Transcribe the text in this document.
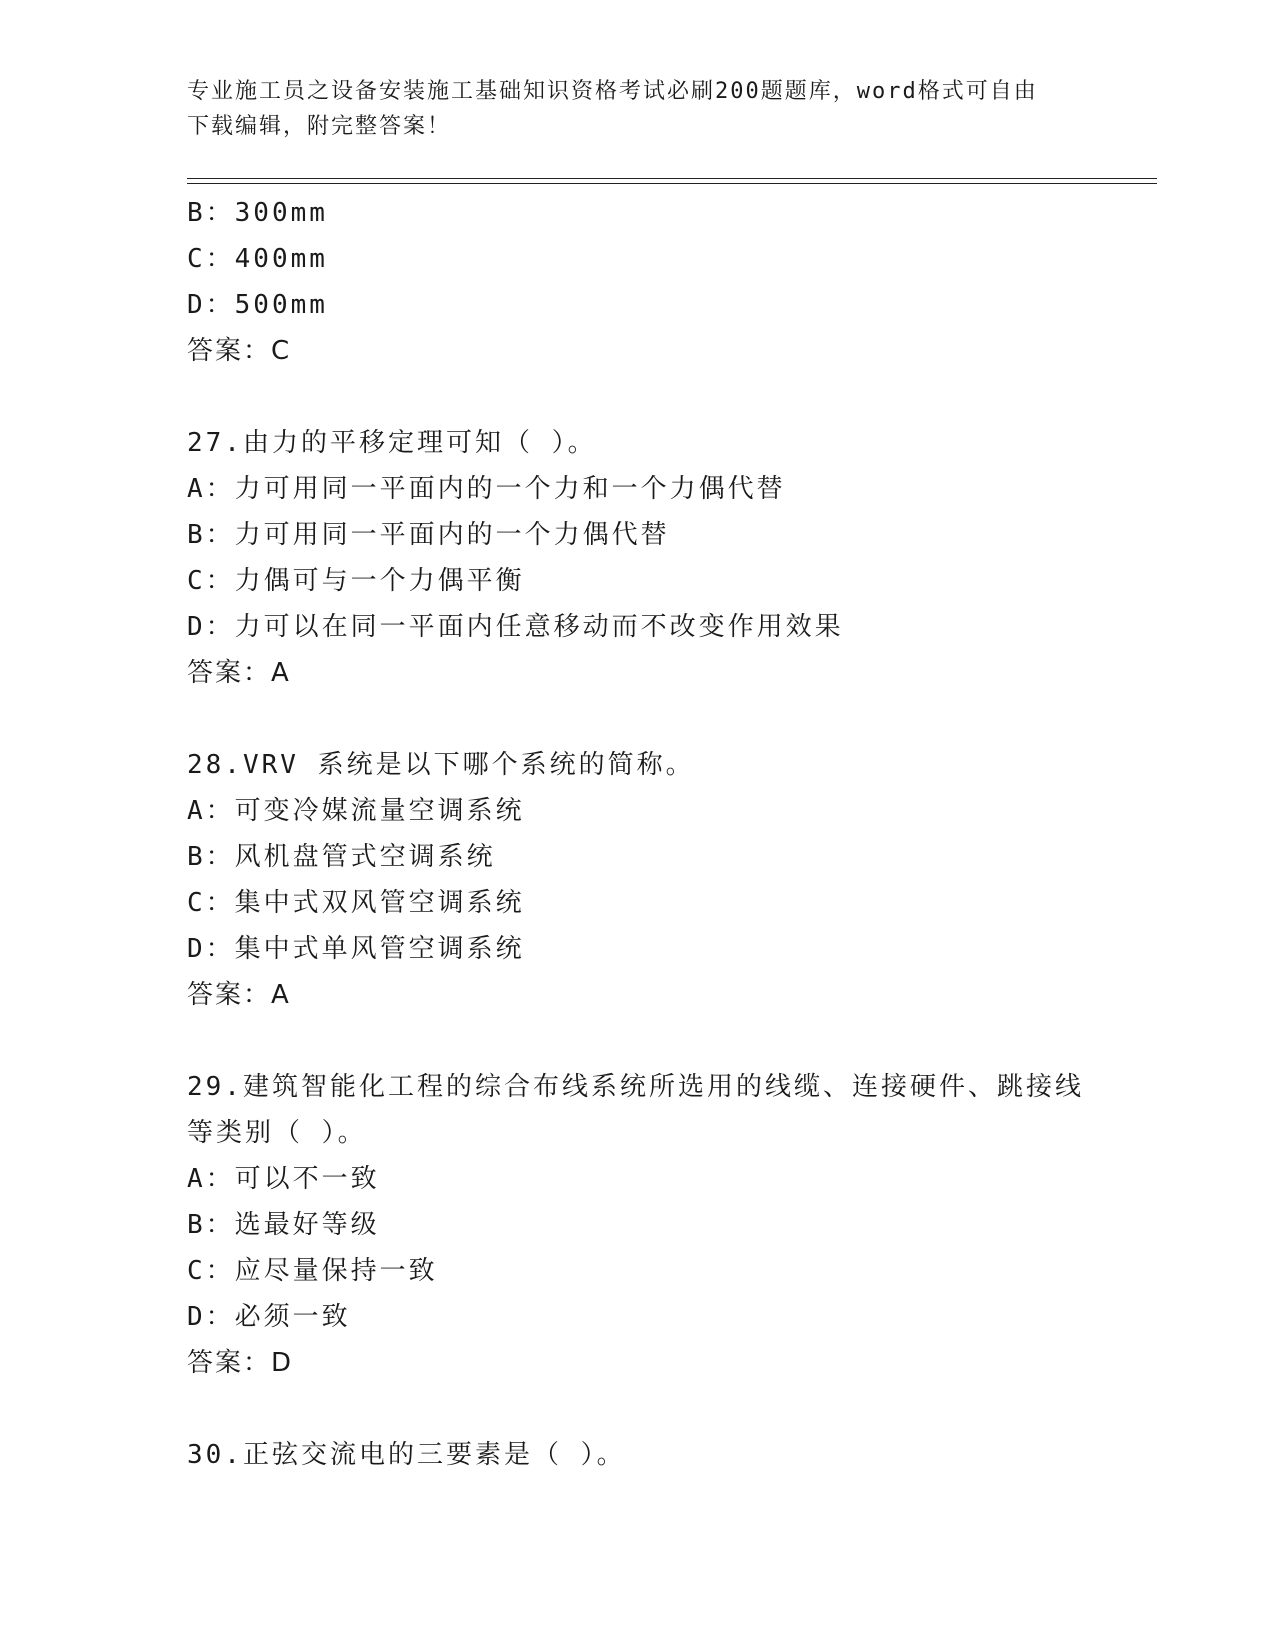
专业施工员之设备安装施工基础知识资格考试必刷200题题库，word格式可自由
下载编辑，附完整答案！
B：300mm
C：400mm
D：500mm
答案：C
27.由力的平移定理可知（ ）。
A：力可用同一平面内的一个力和一个力偶代替
B：力可用同一平面内的一个力偶代替
C：力偶可与一个力偶平衡
D：力可以在同一平面内任意移动而不改变作用效果
答案：A
28.VRV 系统是以下哪个系统的简称。
A：可变冷媒流量空调系统
B：风机盘管式空调系统
C：集中式双风管空调系统
D：集中式单风管空调系统
答案：A
29.建筑智能化工程的综合布线系统所选用的线缆、连接硬件、跳接线
等类别（ ）。
A：可以不一致
B：选最好等级
C：应尽量保持一致
D：必须一致
答案：D
30.正弦交流电的三要素是（ ）。
